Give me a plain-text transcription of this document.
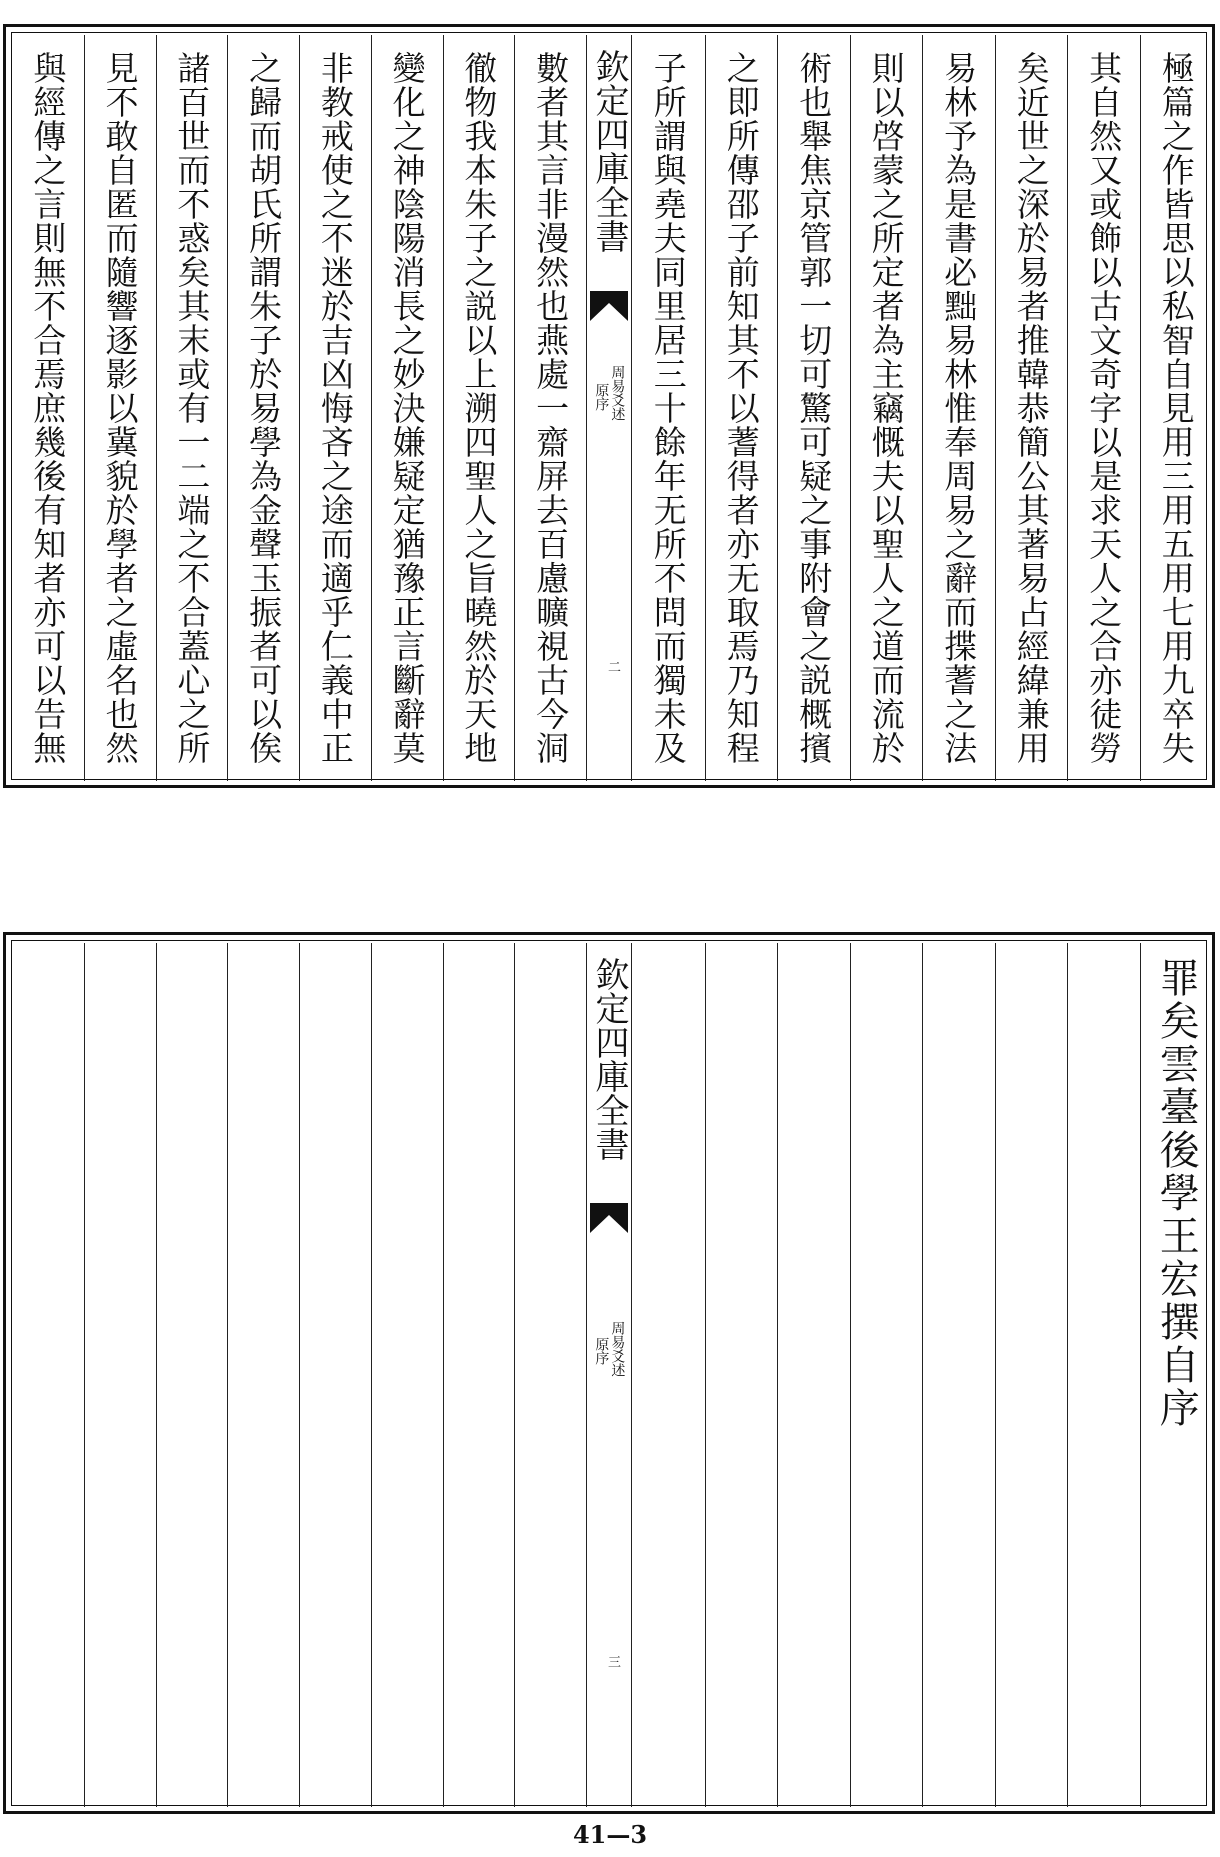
極篇之作皆思以私智自見用三用五用七用九卒失
其自然又或飾以古文奇字以是求天人之合亦徒勞
矣近世之深於易者推韓恭簡公其著易占經緯兼用
易林予為是書必黜易林惟奉周易之辭而揲蓍之法
則以啓蒙之所定者為主竊慨夫以聖人之道而流於
術也舉焦京管郭一切可驚可疑之事附會之説概擯
之即所傳邵子前知其不以蓍得者亦无取焉乃知程
子所謂與堯夫同里居三十餘年无所不問而獨未及
數者其言非漫然也燕處一齋屏去百慮曠視古今洞
徹物我本朱子之説以上溯四聖人之旨曉然於天地
變化之神陰陽消長之妙決嫌疑定猶豫正言斷辭莫
非教戒使之不迷於吉凶悔吝之途而適乎仁義中正
之歸而胡氏所謂朱子於易學為金聲玉振者可以俟
諸百世而不惑矣其末或有一二端之不合蓋心之所
見不敢自匿而隨響逐影以冀貌於學者之虛名也然
與經傳之言則無不合焉庶幾後有知者亦可以告無	欽定四庫全書
周易爻述
原序
二
罪矣雲臺後學王宏撰自序
欽定四庫全書
周易爻述
原序
三
41—3
